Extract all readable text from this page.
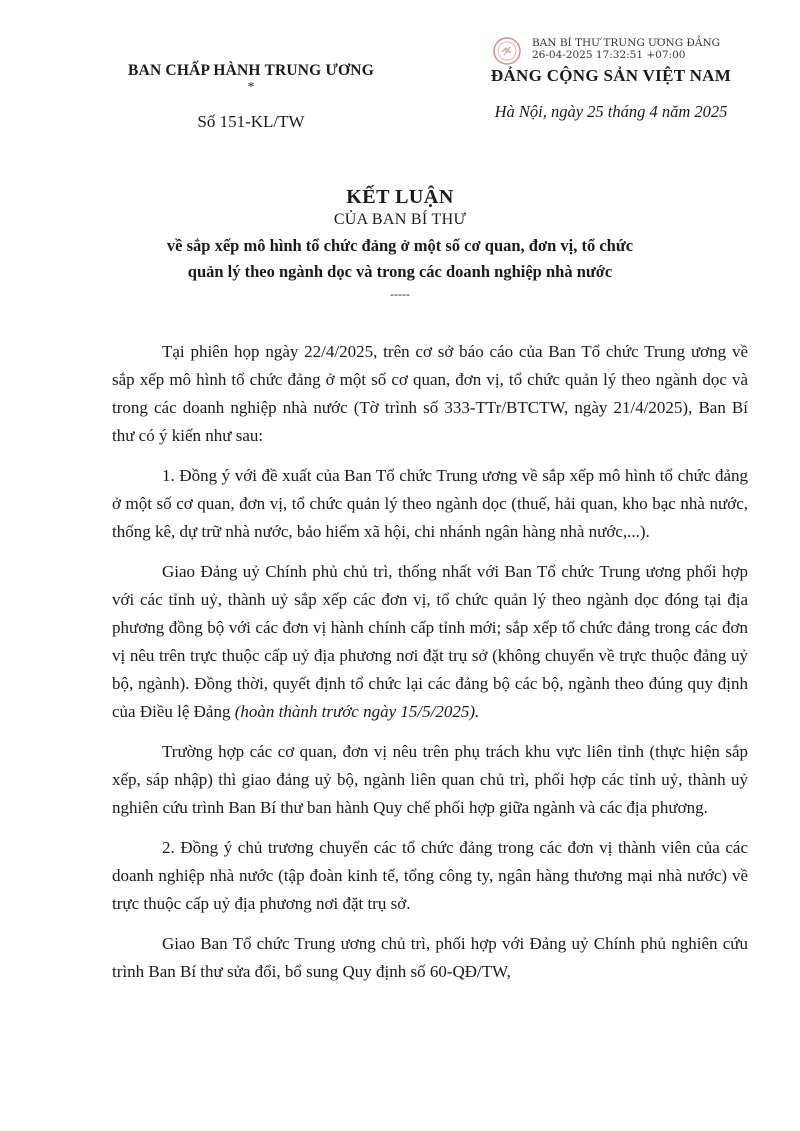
BAN CHẤP HÀNH TRUNG ƯƠNG
*
Số 151-KL/TW
BAN BÍ THƯ TRUNG ƯƠNG ĐẢNG
26-04-2025 17:32:51 +07:00
ĐẢNG CỘNG SẢN VIỆT NAM
Hà Nội, ngày 25 tháng 4 năm 2025
KẾT LUẬN
CỦA BAN BÍ THƯ
về sắp xếp mô hình tổ chức đảng ở một số cơ quan, đơn vị, tổ chức
quản lý theo ngành dọc và trong các doanh nghiệp nhà nước
-----

Tại phiên họp ngày 22/4/2025, trên cơ sở báo cáo của Ban Tổ chức Trung ương về sắp xếp mô hình tổ chức đảng ở một số cơ quan, đơn vị, tổ chức quản lý theo ngành dọc và trong các doanh nghiệp nhà nước (Tờ trình số 333-TTr/BTCTW, ngày 21/4/2025), Ban Bí thư có ý kiến như sau:

1. Đồng ý với đề xuất của Ban Tổ chức Trung ương về sắp xếp mô hình tổ chức đảng ở một số cơ quan, đơn vị, tổ chức quản lý theo ngành dọc (thuế, hải quan, kho bạc nhà nước, thống kê, dự trữ nhà nước, bảo hiểm xã hội, chi nhánh ngân hàng nhà nước,...).

Giao Đảng uỷ Chính phủ chủ trì, thống nhất với Ban Tổ chức Trung ương phối hợp với các tỉnh uỷ, thành uỷ sắp xếp các đơn vị, tổ chức quản lý theo ngành dọc đóng tại địa phương đồng bộ với các đơn vị hành chính cấp tỉnh mới; sắp xếp tổ chức đảng trong các đơn vị nêu trên trực thuộc cấp uỷ địa phương nơi đặt trụ sở (không chuyển về trực thuộc đảng uỷ bộ, ngành). Đồng thời, quyết định tổ chức lại các đảng bộ các bộ, ngành theo đúng quy định của Điều lệ Đảng (hoàn thành trước ngày 15/5/2025).

Trường hợp các cơ quan, đơn vị nêu trên phụ trách khu vực liên tỉnh (thực hiện sắp xếp, sáp nhập) thì giao đảng uỷ bộ, ngành liên quan chủ trì, phối hợp các tỉnh uỷ, thành uỷ nghiên cứu trình Ban Bí thư ban hành Quy chế phối hợp giữa ngành và các địa phương.

2. Đồng ý chủ trương chuyển các tổ chức đảng trong các đơn vị thành viên của các doanh nghiệp nhà nước (tập đoàn kinh tế, tổng công ty, ngân hàng thương mại nhà nước) về trực thuộc cấp uỷ địa phương nơi đặt trụ sở.

Giao Ban Tổ chức Trung ương chủ trì, phối hợp với Đảng uỷ Chính phủ nghiên cứu trình Ban Bí thư sửa đổi, bổ sung Quy định số 60-QĐ/TW,
